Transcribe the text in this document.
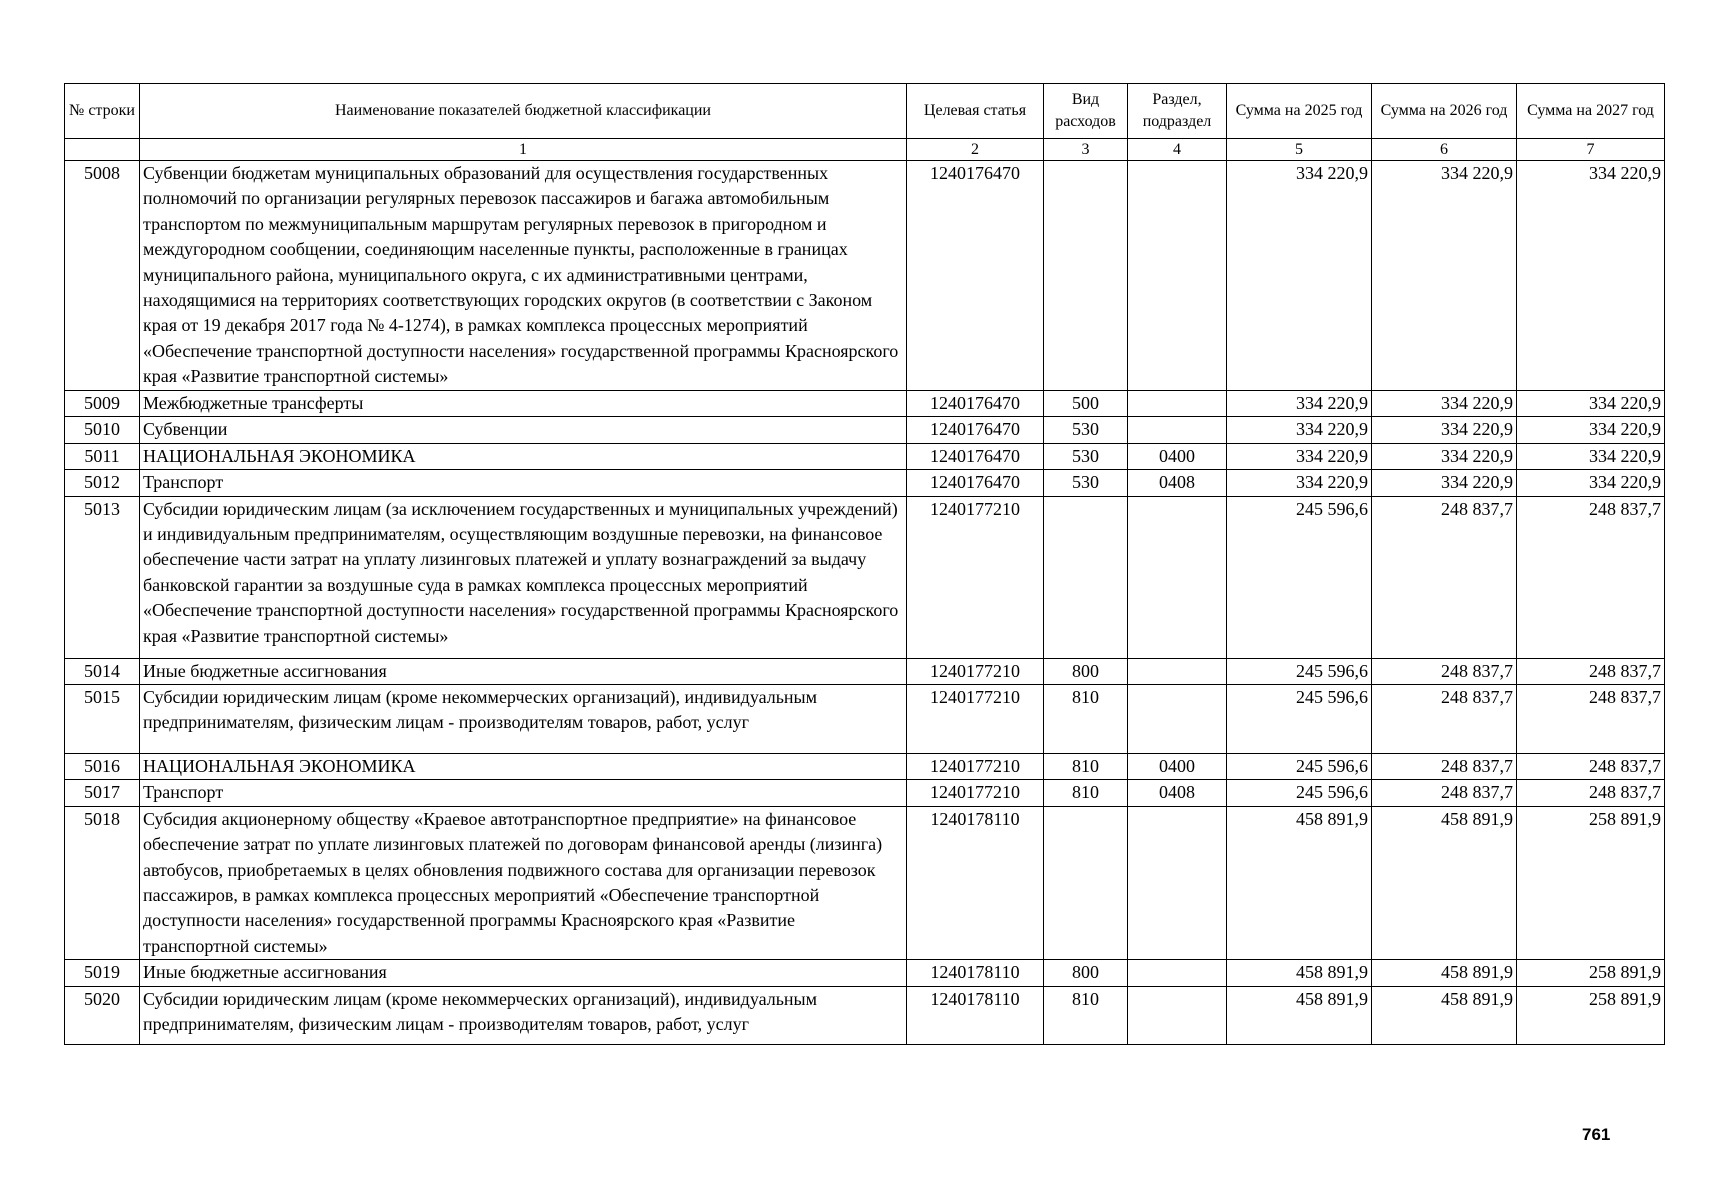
№ строки	Наименование показателей бюджетной классификации	Целевая статья	Вид расходов	Раздел, подраздел	Сумма на 2025 год	Сумма на 2026 год	Сумма на 2027 год
	1	2	3	4	5	6	7
5008	Субвенции бюджетам муниципальных образований для осуществления государственных полномочий по организации регулярных перевозок пассажиров и багажа автомобильным транспортом по межмуниципальным маршрутам регулярных перевозок в пригородном и междугородном сообщении, соединяющим населенные пункты, расположенные в границах муниципального района, муниципального округа, с их административными центрами, находящимися на территориях соответствующих городских округов (в соответствии с Законом края от 19 декабря 2017 года № 4-1274), в рамках комплекса процессных мероприятий «Обеспечение транспортной доступности населения» государственной программы Красноярского края «Развитие транспортной системы»	1240176470			334 220,9	334 220,9	334 220,9
5009	Межбюджетные трансферты	1240176470	500		334 220,9	334 220,9	334 220,9
5010	Субвенции	1240176470	530		334 220,9	334 220,9	334 220,9
5011	НАЦИОНАЛЬНАЯ ЭКОНОМИКА	1240176470	530	0400	334 220,9	334 220,9	334 220,9
5012	Транспорт	1240176470	530	0408	334 220,9	334 220,9	334 220,9
5013	Субсидии юридическим лицам (за исключением государственных и муниципальных учреждений) и индивидуальным предпринимателям, осуществляющим воздушные перевозки, на финансовое обеспечение части затрат на уплату лизинговых платежей и уплату вознаграждений за выдачу банковской гарантии за воздушные суда в рамках комплекса процессных мероприятий «Обеспечение транспортной доступности населения» государственной программы Красноярского края «Развитие транспортной системы»	1240177210			245 596,6	248 837,7	248 837,7
5014	Иные бюджетные ассигнования	1240177210	800		245 596,6	248 837,7	248 837,7
5015	Субсидии юридическим лицам (кроме некоммерческих организаций), индивидуальным предпринимателям, физическим лицам - производителям товаров, работ, услуг	1240177210	810		245 596,6	248 837,7	248 837,7
5016	НАЦИОНАЛЬНАЯ ЭКОНОМИКА	1240177210	810	0400	245 596,6	248 837,7	248 837,7
5017	Транспорт	1240177210	810	0408	245 596,6	248 837,7	248 837,7
5018	Субсидия акционерному обществу «Краевое автотранспортное предприятие» на финансовое обеспечение затрат по уплате лизинговых платежей по договорам финансовой аренды (лизинга) автобусов, приобретаемых в целях обновления подвижного состава для организации перевозок пассажиров, в рамках комплекса процессных мероприятий «Обеспечение транспортной доступности населения» государственной программы Красноярского края «Развитие транспортной системы»	1240178110			458 891,9	458 891,9	258 891,9
5019	Иные бюджетные ассигнования	1240178110	800		458 891,9	458 891,9	258 891,9
5020	Субсидии юридическим лицам (кроме некоммерческих организаций), индивидуальным предпринимателям, физическим лицам - производителям товаров, работ, услуг	1240178110	810		458 891,9	458 891,9	258 891,9
761
